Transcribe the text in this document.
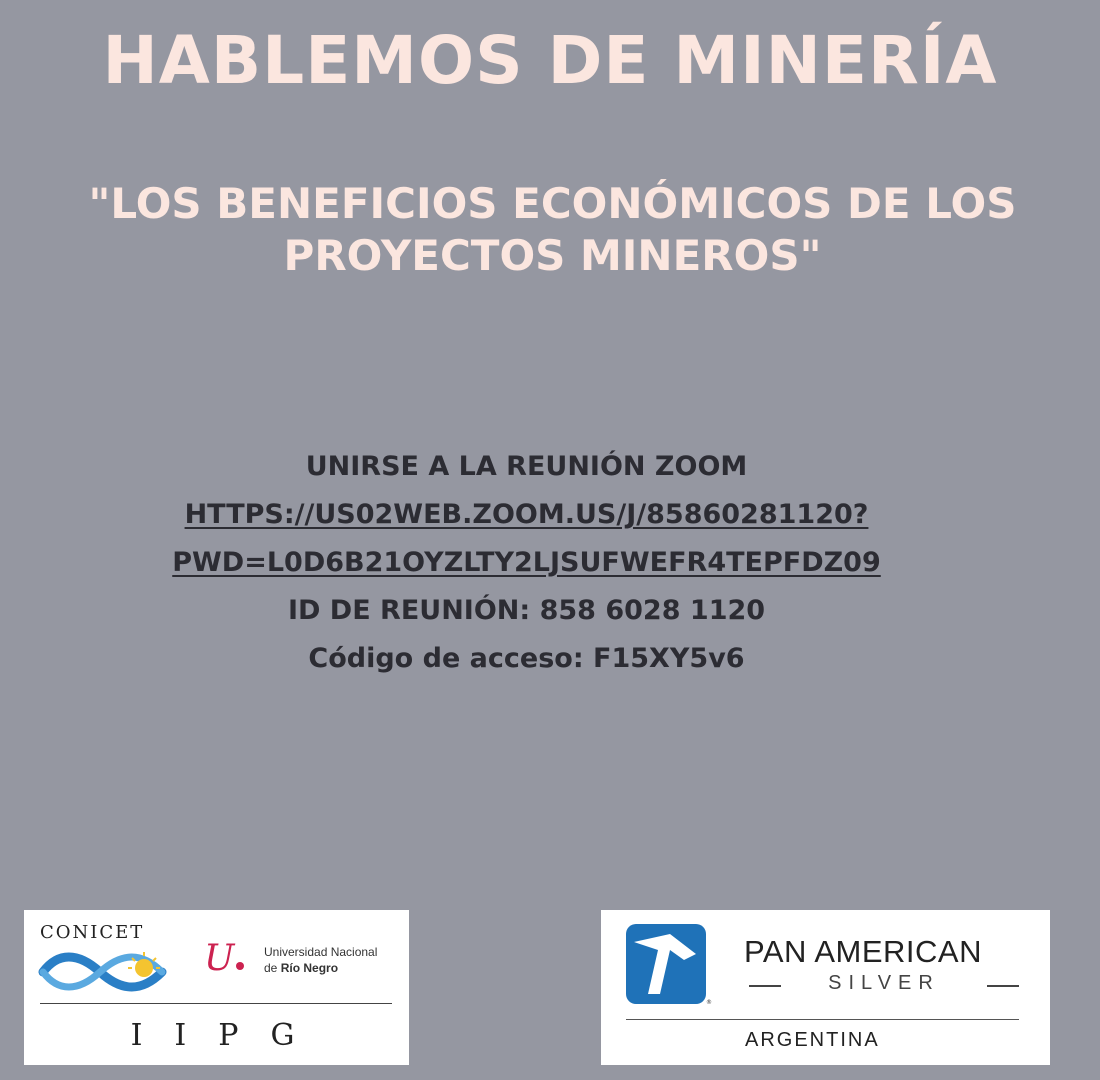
HABLEMOS DE MINERÍA
"LOS BENEFICIOS ECONÓMICOS DE LOS
PROYECTOS MINEROS"
UNIRSE A LA REUNIÓN ZOOM
HTTPS://US02WEB.ZOOM.US/J/85860281120?
PWD=L0D6B21OYZLTY2LJSUFWEFR4TEPFDZ09
ID DE REUNIÓN: 858 6028 1120
Código de acceso: F15XY5v6
CONICET
U Universidad Nacional
de Río Negro
IIPG
®
PAN AMERICAN
SILVER
ARGENTINA
